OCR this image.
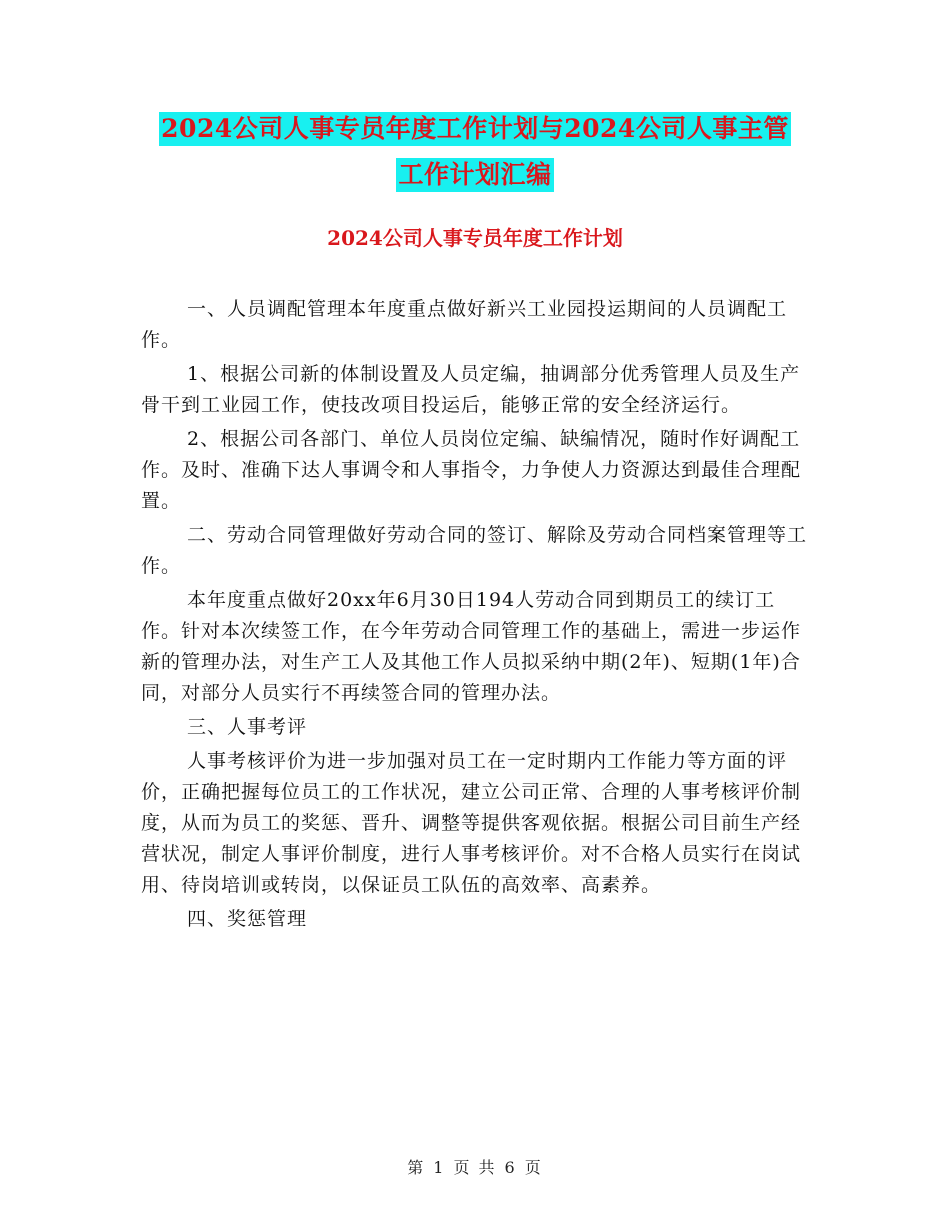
2024公司人事专员年度工作计划与2024公司人事主管
工作计划汇编
2024公司人事专员年度工作计划

一、人员调配管理本年度重点做好新兴工业园投运期间的人员调配工作。

1、根据公司新的体制设置及人员定编，抽调部分优秀管理人员及生产骨干到工业园工作，使技改项目投运后，能够正常的安全经济运行。

2、根据公司各部门、单位人员岗位定编、缺编情况，随时作好调配工作。及时、准确下达人事调令和人事指令，力争使人力资源达到最佳合理配置。

二、劳动合同管理做好劳动合同的签订、解除及劳动合同档案管理等工作。

本年度重点做好20xx年6月30日194人劳动合同到期员工的续订工作。针对本次续签工作，在今年劳动合同管理工作的基础上，需进一步运作新的管理办法，对生产工人及其他工作人员拟采纳中期(2年)、短期(1年)合同，对部分人员实行不再续签合同的管理办法。

三、人事考评

人事考核评价为进一步加强对员工在一定时期内工作能力等方面的评价，正确把握每位员工的工作状况，建立公司正常、合理的人事考核评价制度，从而为员工的奖惩、晋升、调整等提供客观依据。根据公司目前生产经营状况，制定人事评价制度，进行人事考核评价。对不合格人员实行在岗试用、待岗培训或转岗，以保证员工队伍的高效率、高素养。

四、奖惩管理

第 1 页 共 6 页
